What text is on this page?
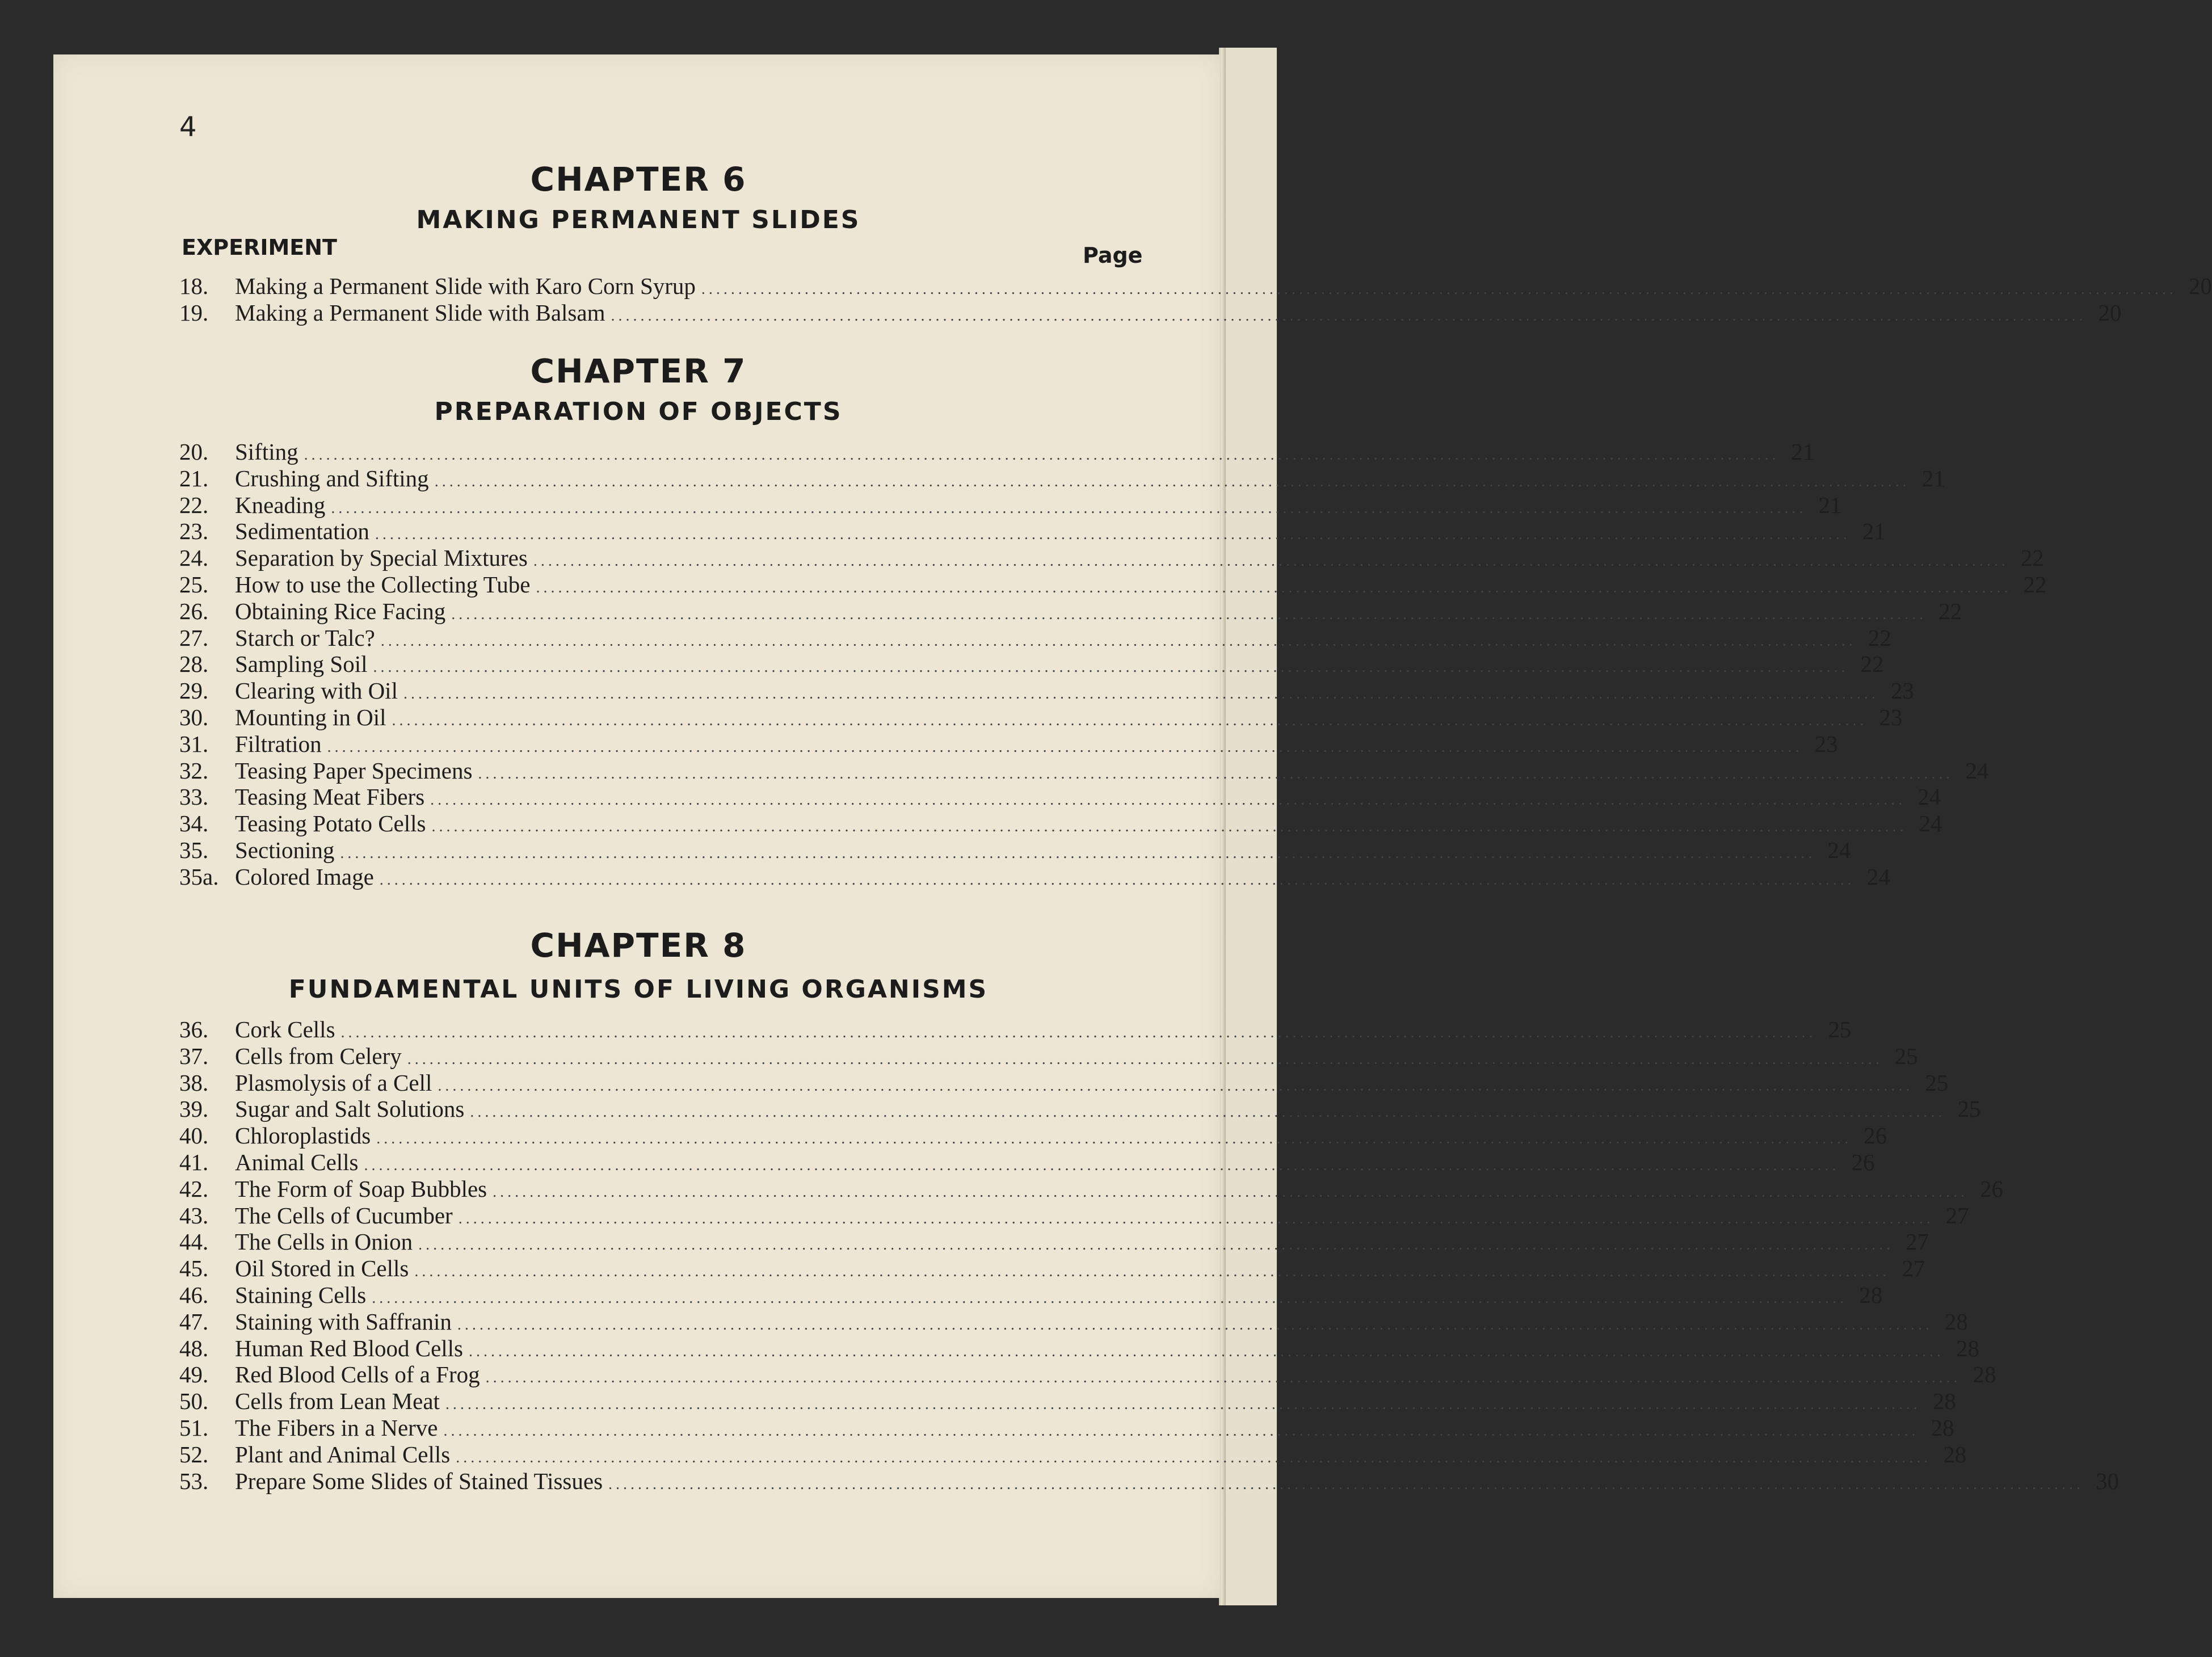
4
CHAPTER 6
MAKING PERMANENT SLIDES
EXPERIMENT	Page
18.	Making a Permanent Slide with Karo Corn Syrup ........................................................................................................................................................................................................ 20
19.	Making a Permanent Slide with Balsam ........................................................................................................................................................................................................ 20
CHAPTER 7
PREPARATION OF OBJECTS
20.	Sifting ........................................................................................................................................................................................................ 21
21.	Crushing and Sifting ........................................................................................................................................................................................................ 21
22.	Kneading ........................................................................................................................................................................................................ 21
23.	Sedimentation ........................................................................................................................................................................................................ 21
24.	Separation by Special Mixtures ........................................................................................................................................................................................................ 22
25.	How to use the Collecting Tube ........................................................................................................................................................................................................ 22
26.	Obtaining Rice Facing ........................................................................................................................................................................................................ 22
27.	Starch or Talc? ........................................................................................................................................................................................................ 22
28.	Sampling Soil ........................................................................................................................................................................................................ 22
29.	Clearing with Oil ........................................................................................................................................................................................................ 23
30.	Mounting in Oil ........................................................................................................................................................................................................ 23
31.	Filtration ........................................................................................................................................................................................................ 23
32.	Teasing Paper Specimens ........................................................................................................................................................................................................ 24
33.	Teasing Meat Fibers ........................................................................................................................................................................................................ 24
34.	Teasing Potato Cells ........................................................................................................................................................................................................ 24
35.	Sectioning ........................................................................................................................................................................................................ 24
35a. Colored Image ........................................................................................................................................................................................................ 24
CHAPTER 8
FUNDAMENTAL UNITS OF LIVING ORGANISMS
36.	Cork Cells ........................................................................................................................................................................................................ 25
37.	Cells from Celery ........................................................................................................................................................................................................ 25
38.	Plasmolysis of a Cell ........................................................................................................................................................................................................ 25
39.	Sugar and Salt Solutions ........................................................................................................................................................................................................ 25
40.	Chloroplastids ........................................................................................................................................................................................................ 26
41.	Animal Cells ........................................................................................................................................................................................................ 26
42.	The Form of Soap Bubbles ........................................................................................................................................................................................................ 26
43.	The Cells of Cucumber ........................................................................................................................................................................................................ 27
44.	The Cells in Onion ........................................................................................................................................................................................................ 27
45.	Oil Stored in Cells ........................................................................................................................................................................................................ 27
46.	Staining Cells ........................................................................................................................................................................................................ 28
47.	Staining with Saffranin ........................................................................................................................................................................................................ 28
48.	Human Red Blood Cells ........................................................................................................................................................................................................ 28
49.	Red Blood Cells of a Frog ........................................................................................................................................................................................................ 28
50.	Cells from Lean Meat ........................................................................................................................................................................................................ 28
51.	The Fibers in a Nerve ........................................................................................................................................................................................................ 28
52.	Plant and Animal Cells ........................................................................................................................................................................................................ 28
53.	Prepare Some Slides of Stained Tissues ........................................................................................................................................................................................................ 30
